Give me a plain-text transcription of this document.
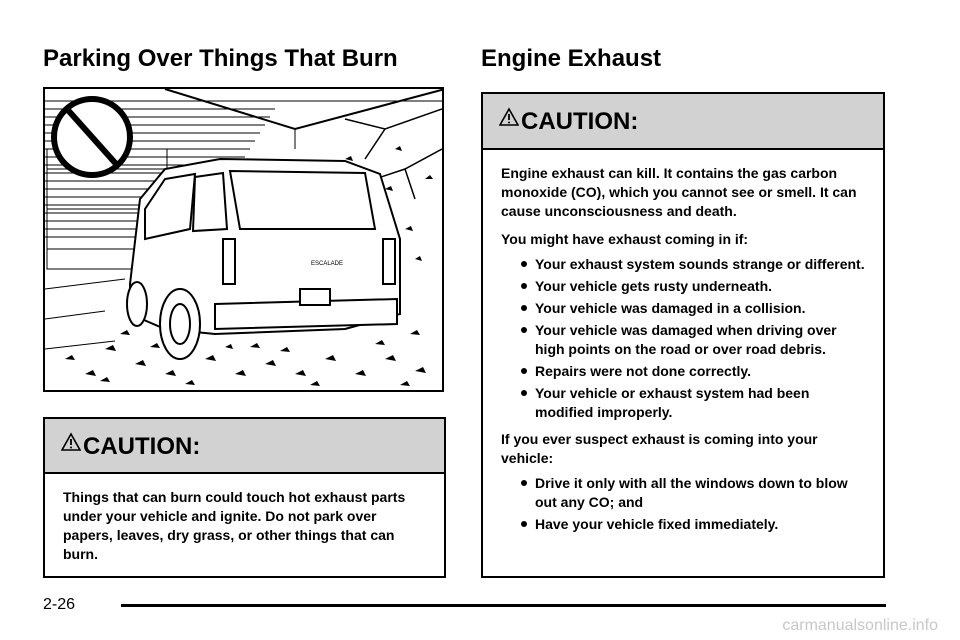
Parking Over Things That Burn	Engine Exhaust
ESCALADE
CAUTION:

Things that can burn could touch hot exhaust parts under your vehicle and ignite. Do not park over papers, leaves, dry grass, or other things that can burn.

CAUTION:

Engine exhaust can kill. It contains the gas carbon monoxide (CO), which you cannot see or smell. It can cause unconsciousness and death.

You might have exhaust coming in if:

Your exhaust system sounds strange or different.
Your vehicle gets rusty underneath.
Your vehicle was damaged in a collision.
Your vehicle was damaged when driving over high points on the road or over road debris.
Repairs were not done correctly.
Your vehicle or exhaust system had been modified improperly.

If you ever suspect exhaust is coming into your vehicle:

Drive it only with all the windows down to blow out any CO; and
Have your vehicle fixed immediately.
2-26
carmanualsonline.info
